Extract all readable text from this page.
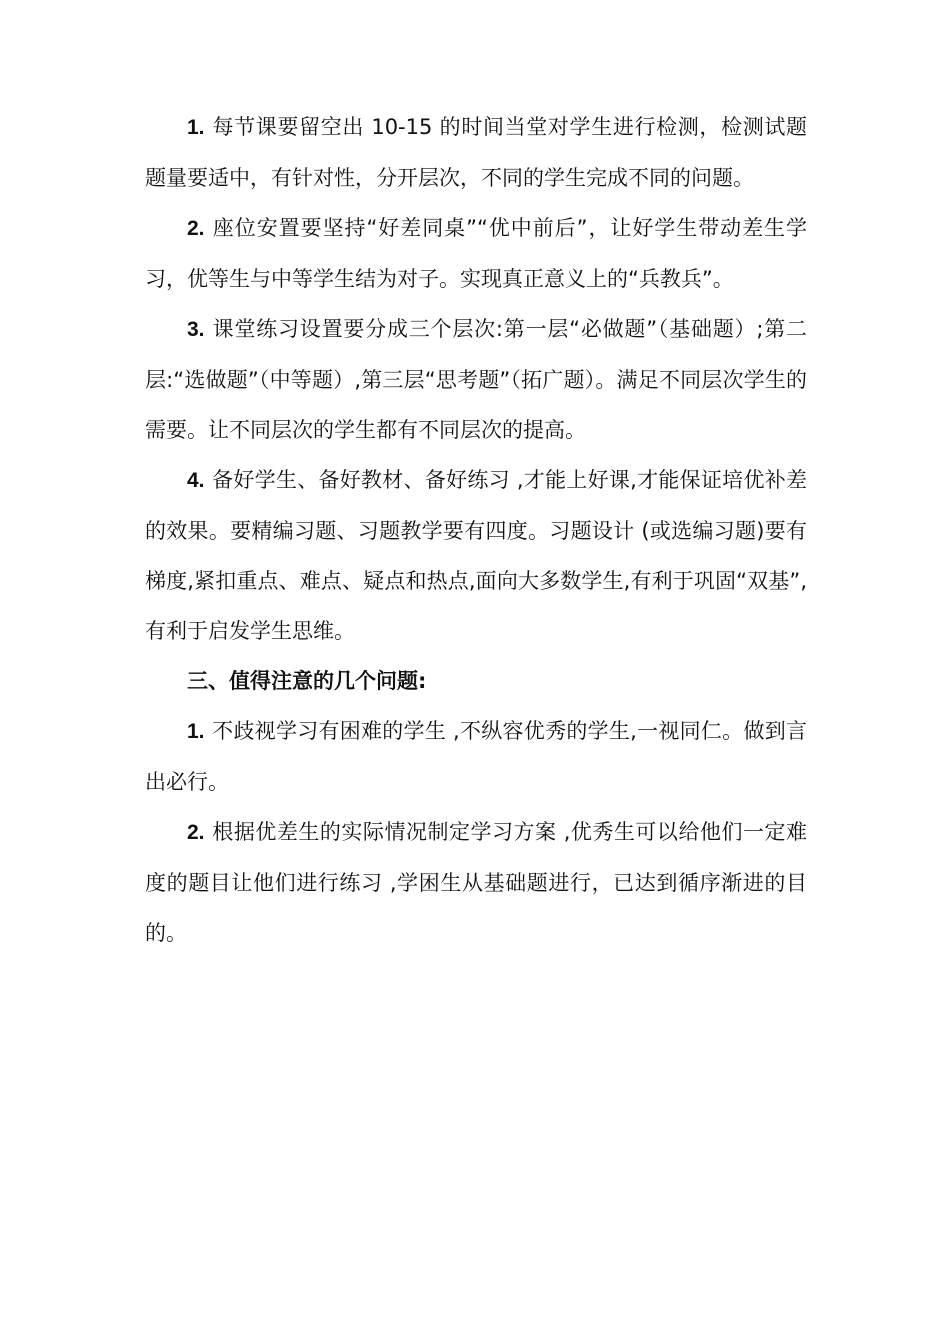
1. 每节课要留空出 10-15 的时间当堂对学生进行检测，检测试题题量要适中，有针对性，分开层次，不同的学生完成不同的问题。

2. 座位安置要坚持“好差同桌”“优中前后”，让好学生带动差生学习，优等生与中等学生结为对子。实现真正意义上的“兵教兵”。

3. 课堂练习设置要分成三个层次:第一层“必做题”（基础题）;第二层:“选做题”（中等题）,第三层“思考题”（拓广题）。满足不同层次学生的需要。让不同层次的学生都有不同层次的提高。

4. 备好学生、备好教材、备好练习 ,才能上好课,才能保证培优补差的效果。要精编习题、习题教学要有四度。习题设计 (或选编习题)要有梯度,紧扣重点、难点、疑点和热点,面向大多数学生,有利于巩固“双基”,有利于启发学生思维。

三、值得注意的几个问题:

1. 不歧视学习有困难的学生 ,不纵容优秀的学生,一视同仁。做到言出必行。

2. 根据优差生的实际情况制定学习方案 ,优秀生可以给他们一定难度的题目让他们进行练习 ,学困生从基础题进行，已达到循序渐进的目的。
